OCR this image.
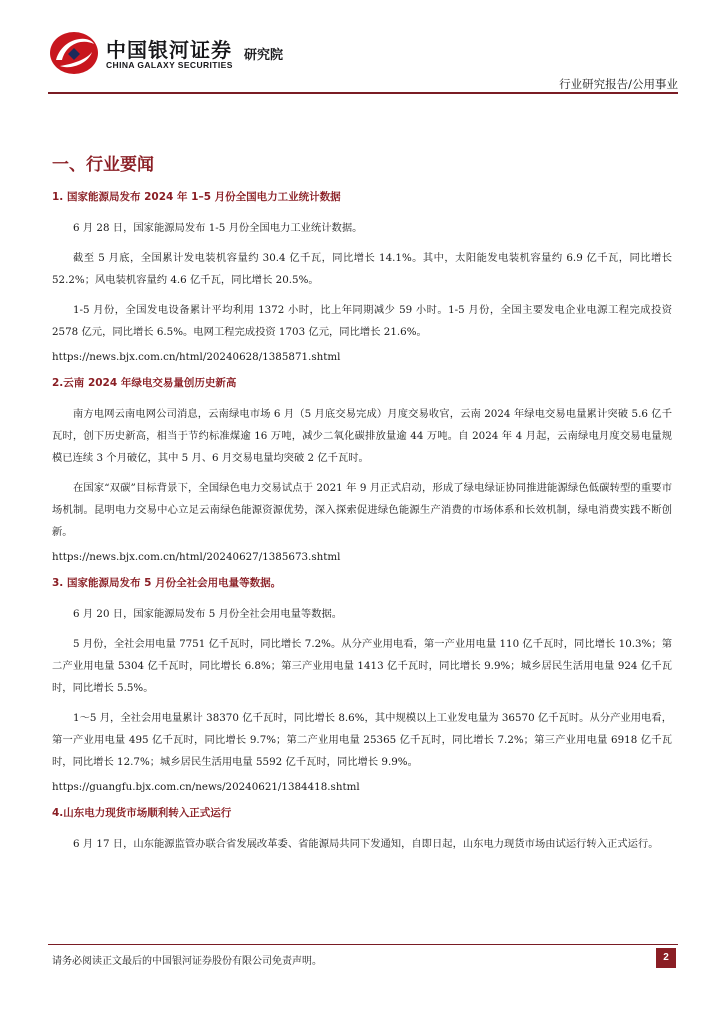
中国银河证券
CHINA GALAXY SECURITIES
研究院
行业研究报告/公用事业
一、行业要闻
1. 国家能源局发布 2024 年 1–5 月份全国电力工业统计数据

6 月 28 日，国家能源局发布 1-5 月份全国电力工业统计数据。

截至 5 月底，全国累计发电装机容量约 30.4 亿千瓦，同比增长 14.1%。其中，太阳能发电装机容量约 6.9 亿千瓦，同比增长 52.2%；风电装机容量约 4.6 亿千瓦，同比增长 20.5%。

1-5 月份，全国发电设备累计平均利用 1372 小时，比上年同期减少 59 小时。1-5 月份，全国主要发电企业电源工程完成投资 2578 亿元，同比增长 6.5%。电网工程完成投资 1703 亿元，同比增长 21.6%。

https://news.bjx.com.cn/html/20240628/1385871.shtml
2.云南 2024 年绿电交易量创历史新高

南方电网云南电网公司消息，云南绿电市场 6 月（5 月底交易完成）月度交易收官，云南 2024 年绿电交易电量累计突破 5.6 亿千瓦时，创下历史新高，相当于节约标准煤逾 16 万吨，减少二氧化碳排放量逾 44 万吨。自 2024 年 4 月起，云南绿电月度交易电量规模已连续 3 个月破亿，其中 5 月、6 月交易电量均突破 2 亿千瓦时。

在国家“双碳”目标背景下，全国绿色电力交易试点于 2021 年 9 月正式启动，形成了绿电绿证协同推进能源绿色低碳转型的重要市场机制。昆明电力交易中心立足云南绿色能源资源优势，深入探索促进绿色能源生产消费的市场体系和长效机制，绿电消费实践不断创新。

https://news.bjx.com.cn/html/20240627/1385673.shtml
3. 国家能源局发布 5 月份全社会用电量等数据。

6 月 20 日，国家能源局发布 5 月份全社会用电量等数据。

5 月份，全社会用电量 7751 亿千瓦时，同比增长 7.2%。从分产业用电看，第一产业用电量 110 亿千瓦时，同比增长 10.3%；第二产业用电量 5304 亿千瓦时，同比增长 6.8%；第三产业用电量 1413 亿千瓦时，同比增长 9.9%；城乡居民生活用电量 924 亿千瓦时，同比增长 5.5%。

1～5 月，全社会用电量累计 38370 亿千瓦时，同比增长 8.6%，其中规模以上工业发电量为 36570 亿千瓦时。从分产业用电看，第一产业用电量 495 亿千瓦时，同比增长 9.7%；第二产业用电量 25365 亿千瓦时，同比增长 7.2%；第三产业用电量 6918 亿千瓦时，同比增长 12.7%；城乡居民生活用电量 5592 亿千瓦时，同比增长 9.9%。

https://guangfu.bjx.com.cn/news/20240621/1384418.shtml
4.山东电力现货市场顺利转入正式运行

6 月 17 日，山东能源监管办联合省发展改革委、省能源局共同下发通知，自即日起，山东电力现货市场由试运行转入正式运行。

请务必阅读正文最后的中国银河证券股份有限公司免责声明。	2
